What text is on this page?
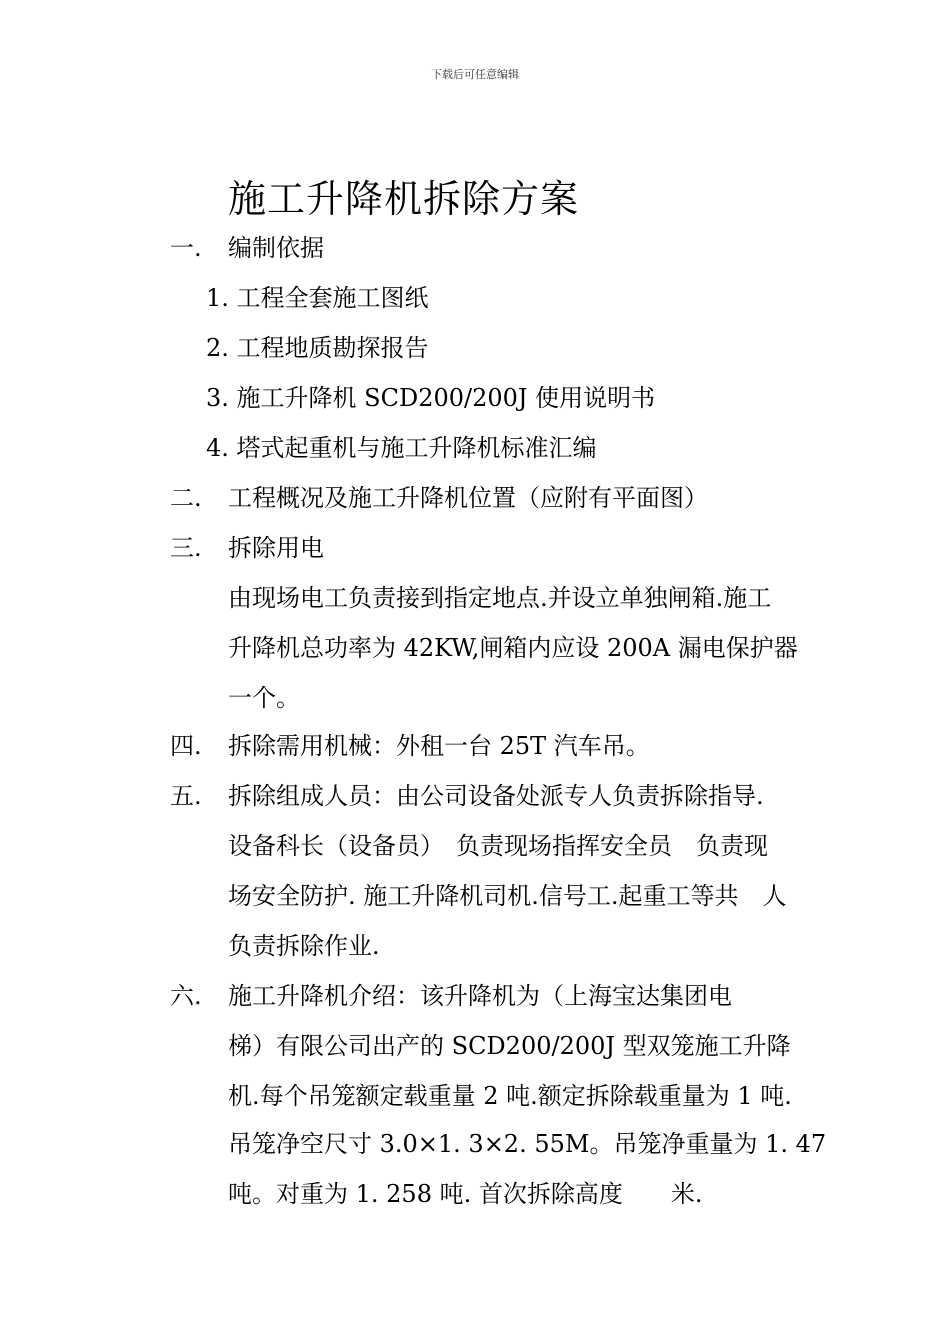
下载后可任意编辑
施工升降机拆除方案
一. 编制依据
1. 工程全套施工图纸
2. 工程地质勘探报告
3. 施工升降机 SCD200/200J 使用说明书
4. 塔式起重机与施工升降机标准汇编
二. 工程概况及施工升降机位置（应附有平面图）
三. 拆除用电
由现场电工负责接到指定地点.并设立单独闸箱.施工
升降机总功率为 42KW,闸箱内应设 200A 漏电保护器
一个。
四. 拆除需用机械：外租一台 25T 汽车吊。
五. 拆除组成人员：由公司设备处派专人负责拆除指导.
设备科长（设备员）　负责现场指挥安全员　负责现
场安全防护. 施工升降机司机.信号工.起重工等共　人
负责拆除作业.
六. 施工升降机介绍：该升降机为（上海宝达集团电
梯）有限公司出产的 SCD200/200J 型双笼施工升降
机.每个吊笼额定载重量 2 吨.额定拆除载重量为 1 吨.
吊笼净空尺寸 3.0×1. 3×2. 55M。吊笼净重量为 1. 47
吨。对重为 1. 258 吨. 首次拆除高度　　米.
